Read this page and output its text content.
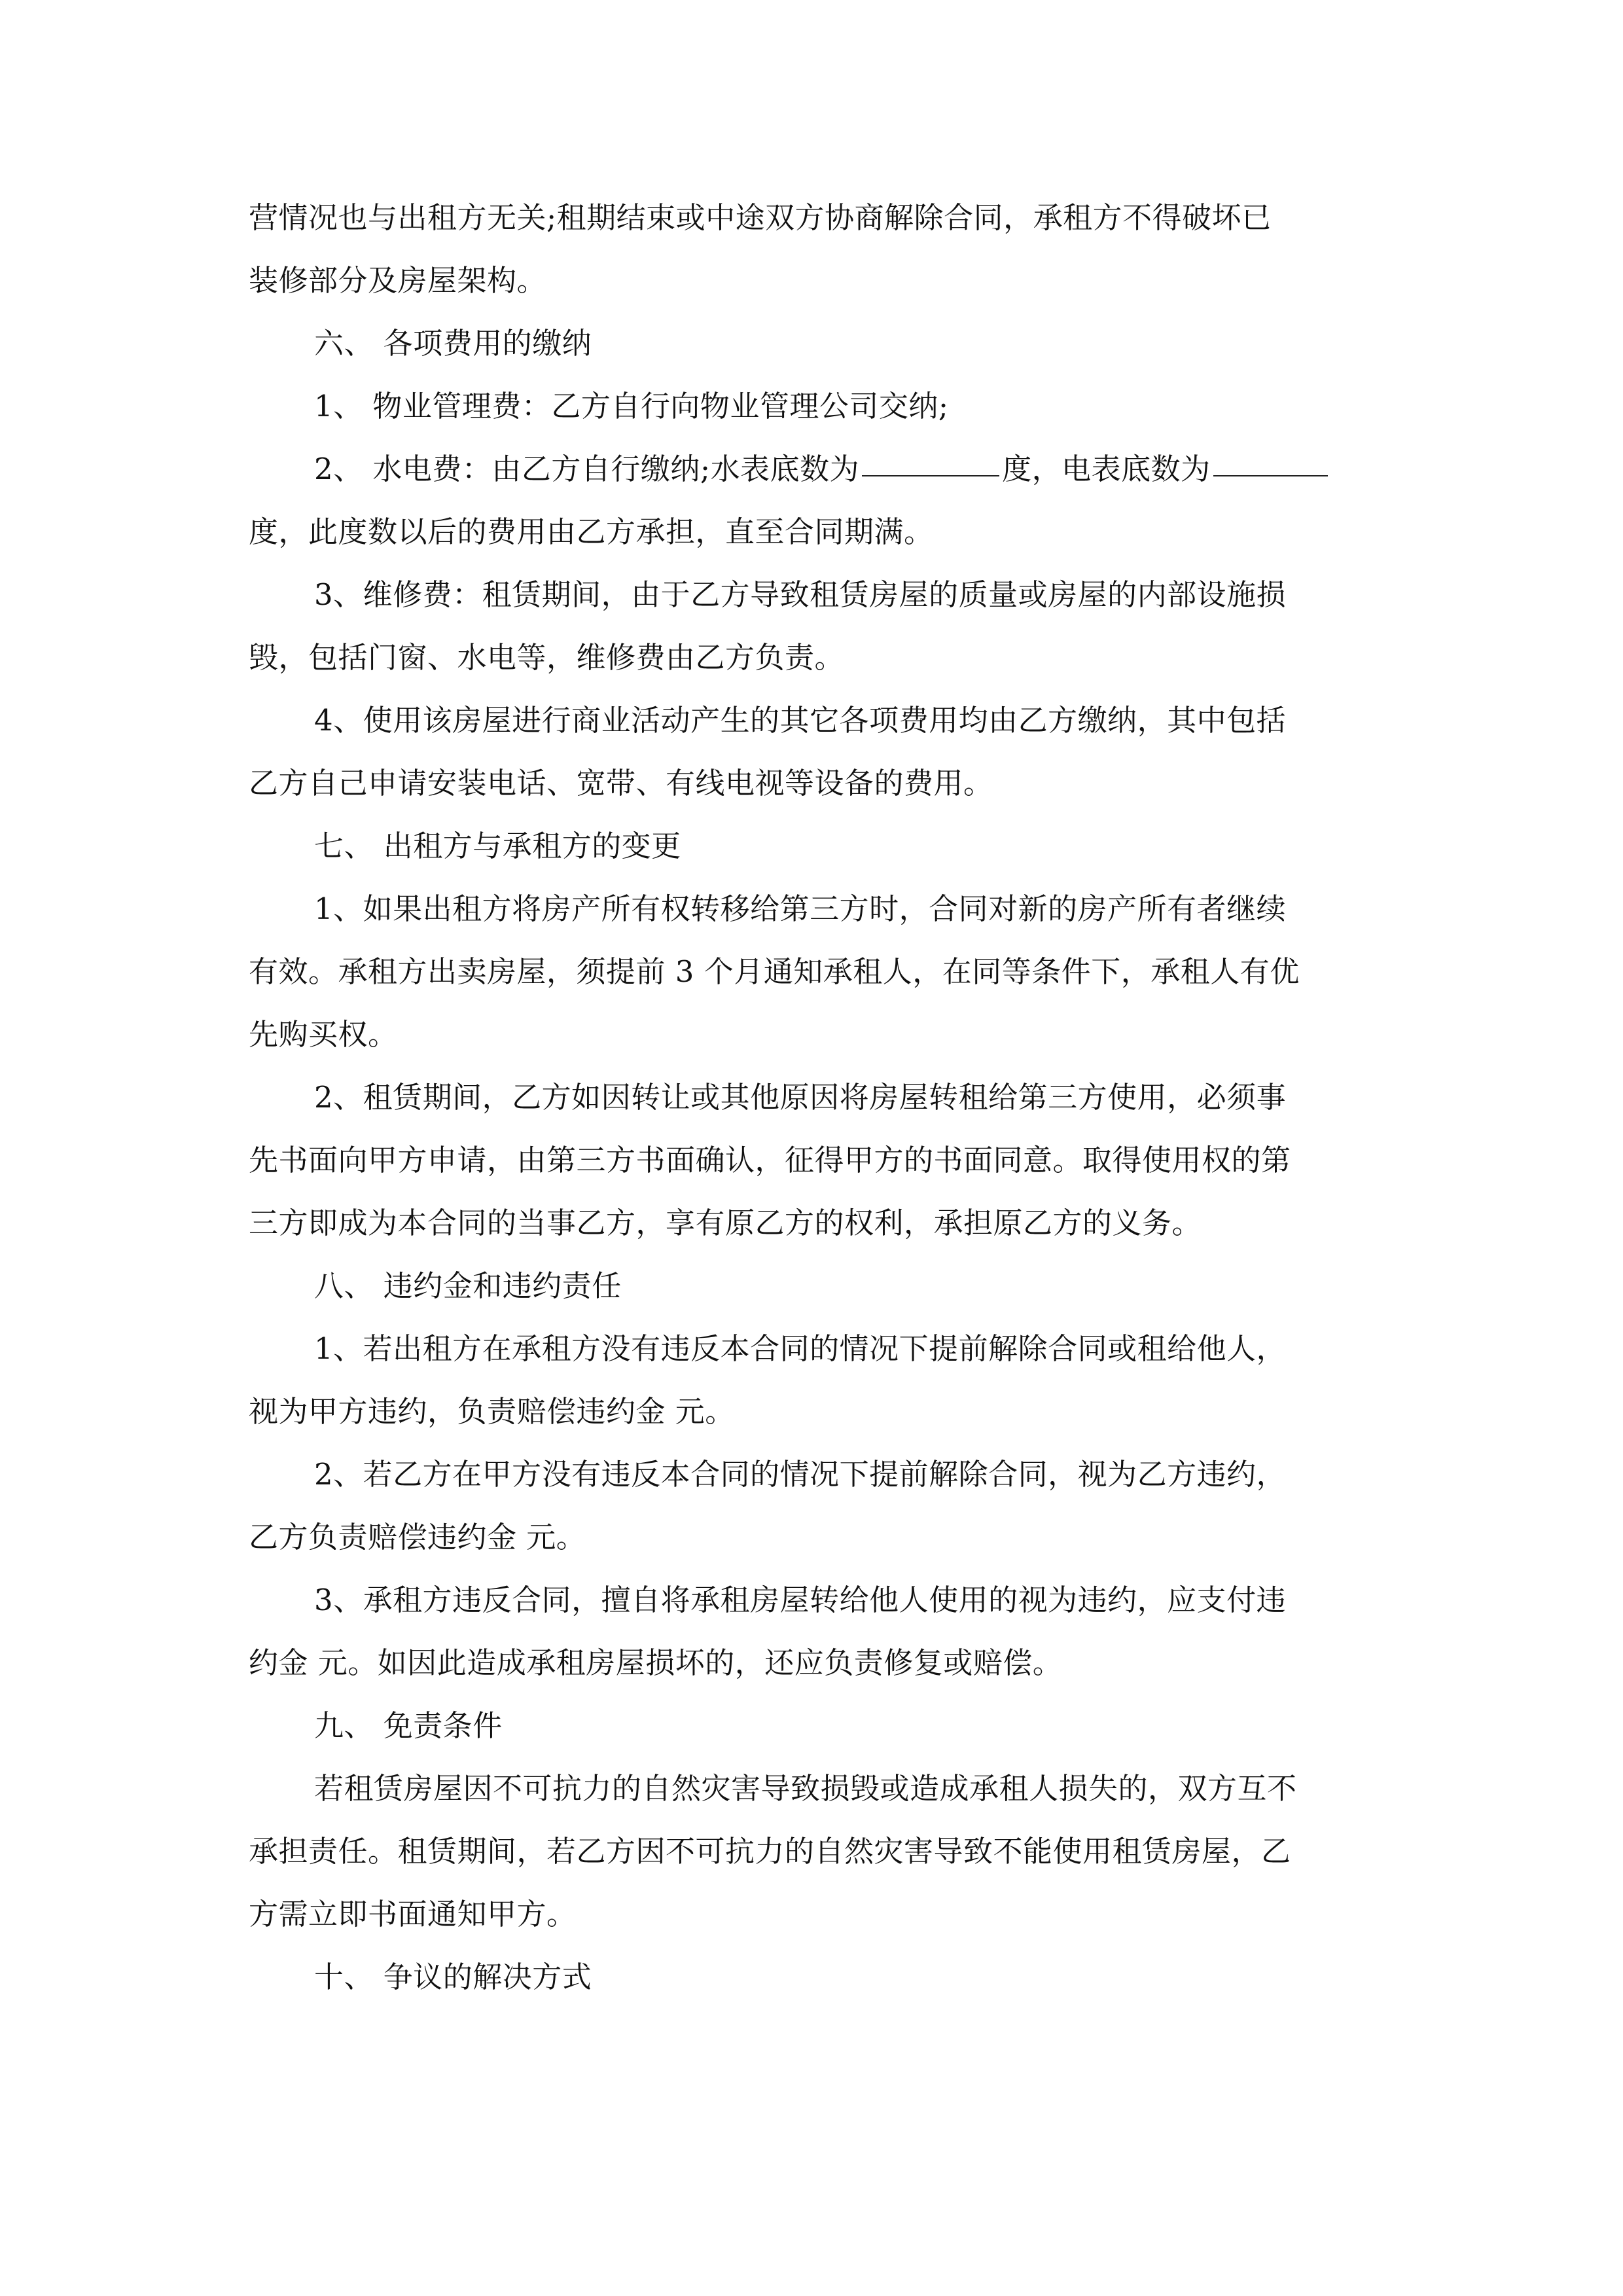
营情况也与出租方无关;租期结束或中途双方协商解除合同，承租方不得破坏已
装修部分及房屋架构。
六、 各项费用的缴纳
1、 物业管理费：乙方自行向物业管理公司交纳;
2、 水电费：由乙方自行缴纳;水表底数为	度，电表底数为
度，此度数以后的费用由乙方承担，直至合同期满。
3、维修费：租赁期间，由于乙方导致租赁房屋的质量或房屋的内部设施损
毁，包括门窗、水电等，维修费由乙方负责。
4、使用该房屋进行商业活动产生的其它各项费用均由乙方缴纳，其中包括
乙方自己申请安装电话、宽带、有线电视等设备的费用。
七、 出租方与承租方的变更
1、如果出租方将房产所有权转移给第三方时，合同对新的房产所有者继续
有效。承租方出卖房屋，须提前 3 个月通知承租人，在同等条件下，承租人有优
先购买权。
2、租赁期间，乙方如因转让或其他原因将房屋转租给第三方使用，必须事
先书面向甲方申请，由第三方书面确认，征得甲方的书面同意。取得使用权的第
三方即成为本合同的当事乙方，享有原乙方的权利，承担原乙方的义务。
八、 违约金和违约责任
1、若出租方在承租方没有违反本合同的情况下提前解除合同或租给他人，
视为甲方违约，负责赔偿违约金 元。
2、若乙方在甲方没有违反本合同的情况下提前解除合同，视为乙方违约，
乙方负责赔偿违约金 元。
3、承租方违反合同，擅自将承租房屋转给他人使用的视为违约，应支付违
约金 元。如因此造成承租房屋损坏的，还应负责修复或赔偿。
九、 免责条件
若租赁房屋因不可抗力的自然灾害导致损毁或造成承租人损失的，双方互不
承担责任。租赁期间，若乙方因不可抗力的自然灾害导致不能使用租赁房屋，乙
方需立即书面通知甲方。
十、 争议的解决方式
